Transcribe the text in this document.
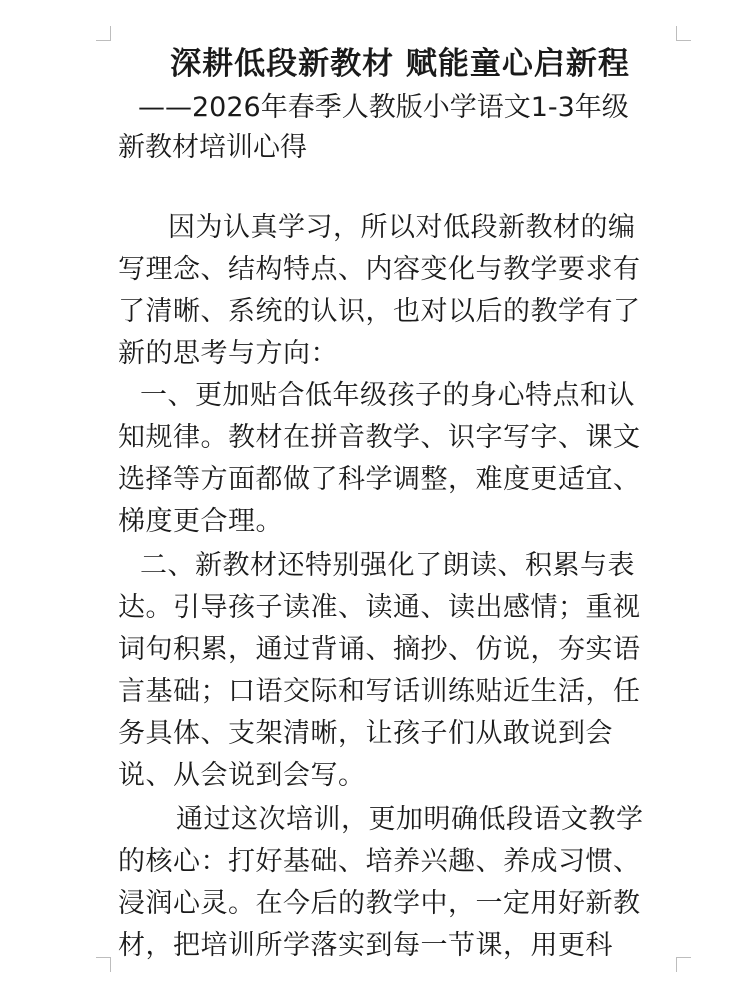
深耕低段新教材 赋能童心启新程
——2026年春季人教版小学语文1-3年级
新教材培训心得
因为认真学习，所以对低段新教材的编
写理念、结构特点、内容变化与教学要求有
了清晰、系统的认识，也对以后的教学有了
新的思考与方向：
一、更加贴合低年级孩子的身心特点和认
知规律。教材在拼音教学、识字写字、课文
选择等方面都做了科学调整，难度更适宜、
梯度更合理。
二、新教材还特别强化了朗读、积累与表
达。引导孩子读准、读通、读出感情；重视
词句积累，通过背诵、摘抄、仿说，夯实语
言基础；口语交际和写话训练贴近生活，任
务具体、支架清晰，让孩子们从敢说到会
说、从会说到会写。
通过这次培训，更加明确低段语文教学
的核心：打好基础、培养兴趣、养成习惯、
浸润心灵。在今后的教学中，一定用好新教
材，把培训所学落实到每一节课，用更科
